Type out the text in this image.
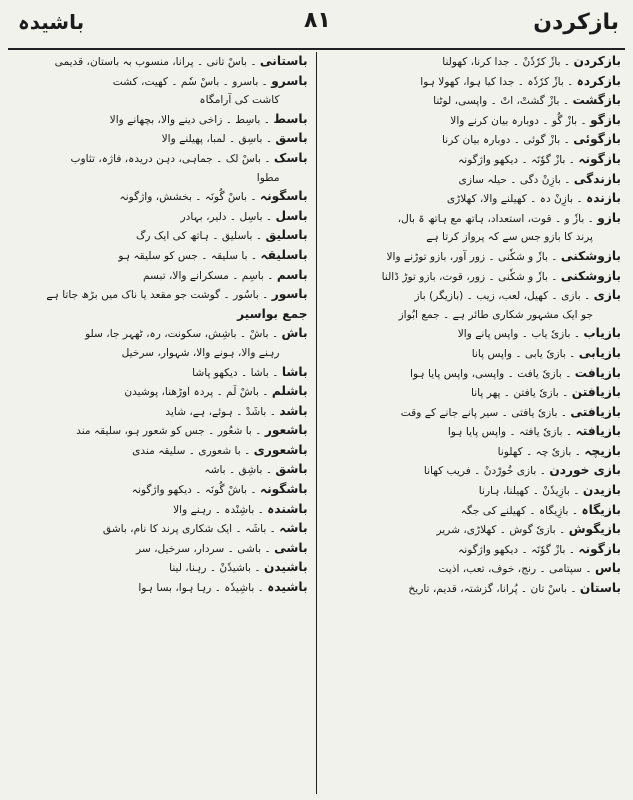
بازکردن
۸۱
باشیدہ
بازکردن ۔ بازٗ کرٗدٗنْ ۔ جدا کرنا، کھولنا
بازکردہ ۔ بازٗ کرٗدٗہ ۔ جدا کیا ہوا، کھولا ہوا
بازگشت ۔ بازْ گشتْ، اتْ ۔ واپسی، لوٹنا
بازگو ۔ بازْ گُو ۔ دوبارہ بیان کرنے والا
بازگوئی ۔ بازْ گوئی ۔ دوبارہ بیان کرنا
بازگونہ ۔ بازْ گوٗنَہ ۔ دیکھو واژگونہ
بازندگی ۔ بازِنْ دگی ۔ حیلہ سازی
بازندہ ۔ بازِنْ دہ ۔ کھیلنے والا، کھلاڑی
بازو ۔ بازٗ و ۔ قوت، استعداد، ہاتھ مع ہاتھ ۃ بال،
پرند کا بازو جس سے کہ پرواز کرتا ہے
بازوشکنی ۔ بازٗ و شکٗنی ۔ زور آور، بازو توڑنے والا
بازوشکنی ۔ بازٗ و شکٗنی ۔ زور، قوت، بازو توڑ ڈالنا
بازی ۔ بازی ۔ کھیل، لعب، زیب ۔ (بازیگر) باز
جو ایک مشہور شکاری طائر ہے ۔ جمع ابُواز
بازیاب ۔ بازیٗ یاب ۔ واپس پانے والا
بازیابی ۔ بازیٗ یابی ۔ واپس پانا
بازیافت ۔ بازیٗ یافت ۔ واپسی، واپس پایا ہوا
بازیافتن ۔ بازیٗ یافتن ۔ پھر پانا
بازیافتی ۔ بازیٗ یافتی ۔ سیر پانے جانے کے وقت
بازیافتہ ۔ بازیٗ یافتہ ۔ واپس پایا ہوا
بازیچہ ۔ بازیٗ چہ ۔ کھلونا
بازی خوردن ۔ بازی خُورْدنْ ۔ فریب کھانا
بازیدن ۔ بازِیدٗنْ ۔ کھیلنا، ہارنا
بازیگاہ ۔ بازِیگاہ ۔ کھیلنے کی جگہ
بازیگوش ۔ بازیٗ گوش ۔ کھلاڑی، شریر
بازگونہ ۔ بازْ گوٗنَہ ۔ دیکھو واژگونہ
باس ۔ سپتامی ۔ رنج، خوف، تعب، اذیت
باستان ۔ باسْ تان ۔ پُرانا، گزشتہ، قدیم، تاریخ
باستانی ۔ باسْ تانی ۔ پرانا، منسوب بہ باستان، قدیمی
باسرو ۔ باسرو ۔ باسْ سٗم ۔ کھیت، کشت
کاشت کی آرامگاہ
باسط ۔ باسِط ۔ زاخی دینے والا، بچھانے والا
باسق ۔ باسِق ۔ لمبا، پھیلنے والا
باسک ۔ باسْ لک ۔ جماہی، دہن دریدہ، فاژہ، تثاوب
مطوا
باسگونہ ۔ باسْ گُونَہ ۔ بخشش، واژگونہ
باسل ۔ باسِل ۔ دلیر، بہادر
باسلیق ۔ باسلیق ۔ ہاتھ کی ایک رگ
باسلیقہ ۔ با سلیقہ ۔ جس کو سلیقہ ہو
باسم ۔ باسِم ۔ مسکرانے والا، تبسم
باسور ۔ باسُور ۔ گوشت جو مقعد یا ناک میں بڑھ جاتا ہے
جمع بواسیر
باش ۔ باشْ ۔ باشِش، سکونت، رہ، ٹھہر جا، سلو
رہنے والا، ہونے والا، شہوار، سرخیل
باشا ۔ باشا ۔ دیکھو پاشا
باشلم ۔ باشْ لَم ۔ پردہ اوڑھنا، پوشیدن
باشد ۔ باشَدْ ۔ ہوئے، ہے، شاید
باشعور ۔ با شعُور ۔ جس کو شعور ہو، سلیقہ مند
باشعوری ۔ با شعوری ۔ سلیقہ مندی
باشق ۔ باشِق ۔ باشہ
باشگونہ ۔ باشْ گُونَہ ۔ دیکھو واژگونہ
باشندہ ۔ باشِنْدہ ۔ رہنے والا
باشہ ۔ باشَہ ۔ ایک شکاری پرند کا نام، باشق
باشی ۔ باشی ۔ سردار، سرخیل، سر
باشیدن ۔ باشیدٗنْ ۔ رہنا، لینا
باشیدہ ۔ باشِیدٗہ ۔ رہا ہوا، بسا ہوا
